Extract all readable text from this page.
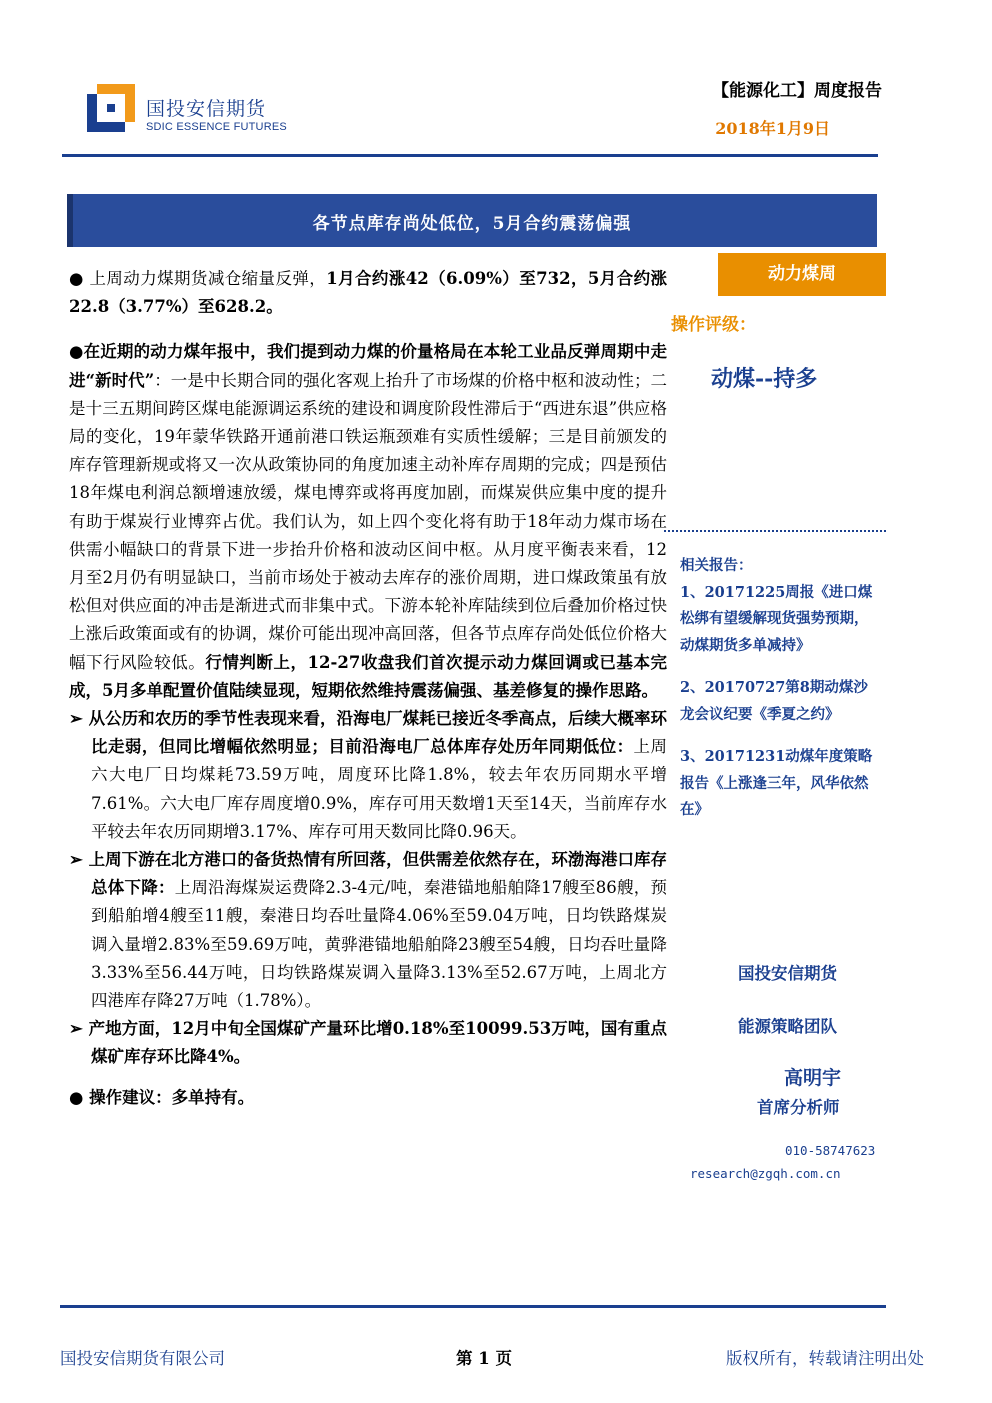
国投安信期货
SDIC ESSENCE FUTURES
【能源化工】周度报告
2018年1月9日
各节点库存尚处低位，5月合约震荡偏强

● 上周动力煤期货减仓缩量反弹，1月合约涨42（6.09%）至732，5月合约涨22.8（3.77%）至628.2。

●在近期的动力煤年报中，我们提到动力煤的价量格局在本轮工业品反弹周期中走进“新时代”：一是中长期合同的强化客观上抬升了市场煤的价格中枢和波动性；二是十三五期间跨区煤电能源调运系统的建设和调度阶段性滞后于“西进东退”供应格局的变化，19年蒙华铁路开通前港口铁运瓶颈难有实质性缓解；三是目前颁发的库存管理新规或将又一次从政策协同的角度加速主动补库存周期的完成；四是预估18年煤电利润总额增速放缓，煤电博弈或将再度加剧，而煤炭供应集中度的提升有助于煤炭行业博弈占优。我们认为，如上四个变化将有助于18年动力煤市场在供需小幅缺口的背景下进一步抬升价格和波动区间中枢。从月度平衡表来看，12月至2月仍有明显缺口，当前市场处于被动去库存的涨价周期，进口煤政策虽有放松但对供应面的冲击是渐进式而非集中式。下游本轮补库陆续到位后叠加价格过快上涨后政策面或有的协调，煤价可能出现冲高回落，但各节点库存尚处低位价格大幅下行风险较低。行情判断上，12-27收盘我们首次提示动力煤回调或已基本完成，5月多单配置价值陆续显现，短期依然维持震荡偏强、基差修复的操作思路。

➢ 从公历和农历的季节性表现来看，沿海电厂煤耗已接近冬季高点，后续大概率环比走弱，但同比增幅依然明显；目前沿海电厂总体库存处历年同期低位：上周六大电厂日均煤耗73.59万吨，周度环比降1.8%，较去年农历同期水平增7.61%。六大电厂库存周度增0.9%，库存可用天数增1天至14天，当前库存水平较去年农历同期增3.17%、库存可用天数同比降0.96天。

➢ 上周下游在北方港口的备货热情有所回落，但供需差依然存在，环渤海港口库存总体下降：上周沿海煤炭运费降2.3-4元/吨，秦港锚地船舶降17艘至86艘，预到船舶增4艘至11艘，秦港日均吞吐量降4.06%至59.04万吨，日均铁路煤炭调入量增2.83%至59.69万吨，黄骅港锚地船舶降23艘至54艘，日均吞吐量降3.33%至56.44万吨，日均铁路煤炭调入量降3.13%至52.67万吨，上周北方四港库存降27万吨（1.78%）。

➢ 产地方面，12月中旬全国煤矿产量环比增0.18%至10099.53万吨，国有重点煤矿库存环比降4%。

● 操作建议：多单持有。

动力煤周
操作评级：
动煤--持多

相关报告：

1、20171225周报《进口煤松绑有望缓解现货强势预期，动煤期货多单减持》

2、20170727第8期动煤沙龙会议纪要《季夏之约》

3、20171231动煤年度策略报告《上涨逢三年，风华依然在》

国投安信期货
能源策略团队
高明宇
首席分析师
010-58747623
research@zgqh.com.cn
国投安信期货有限公司	第 1 页	版权所有，转载请注明出处
